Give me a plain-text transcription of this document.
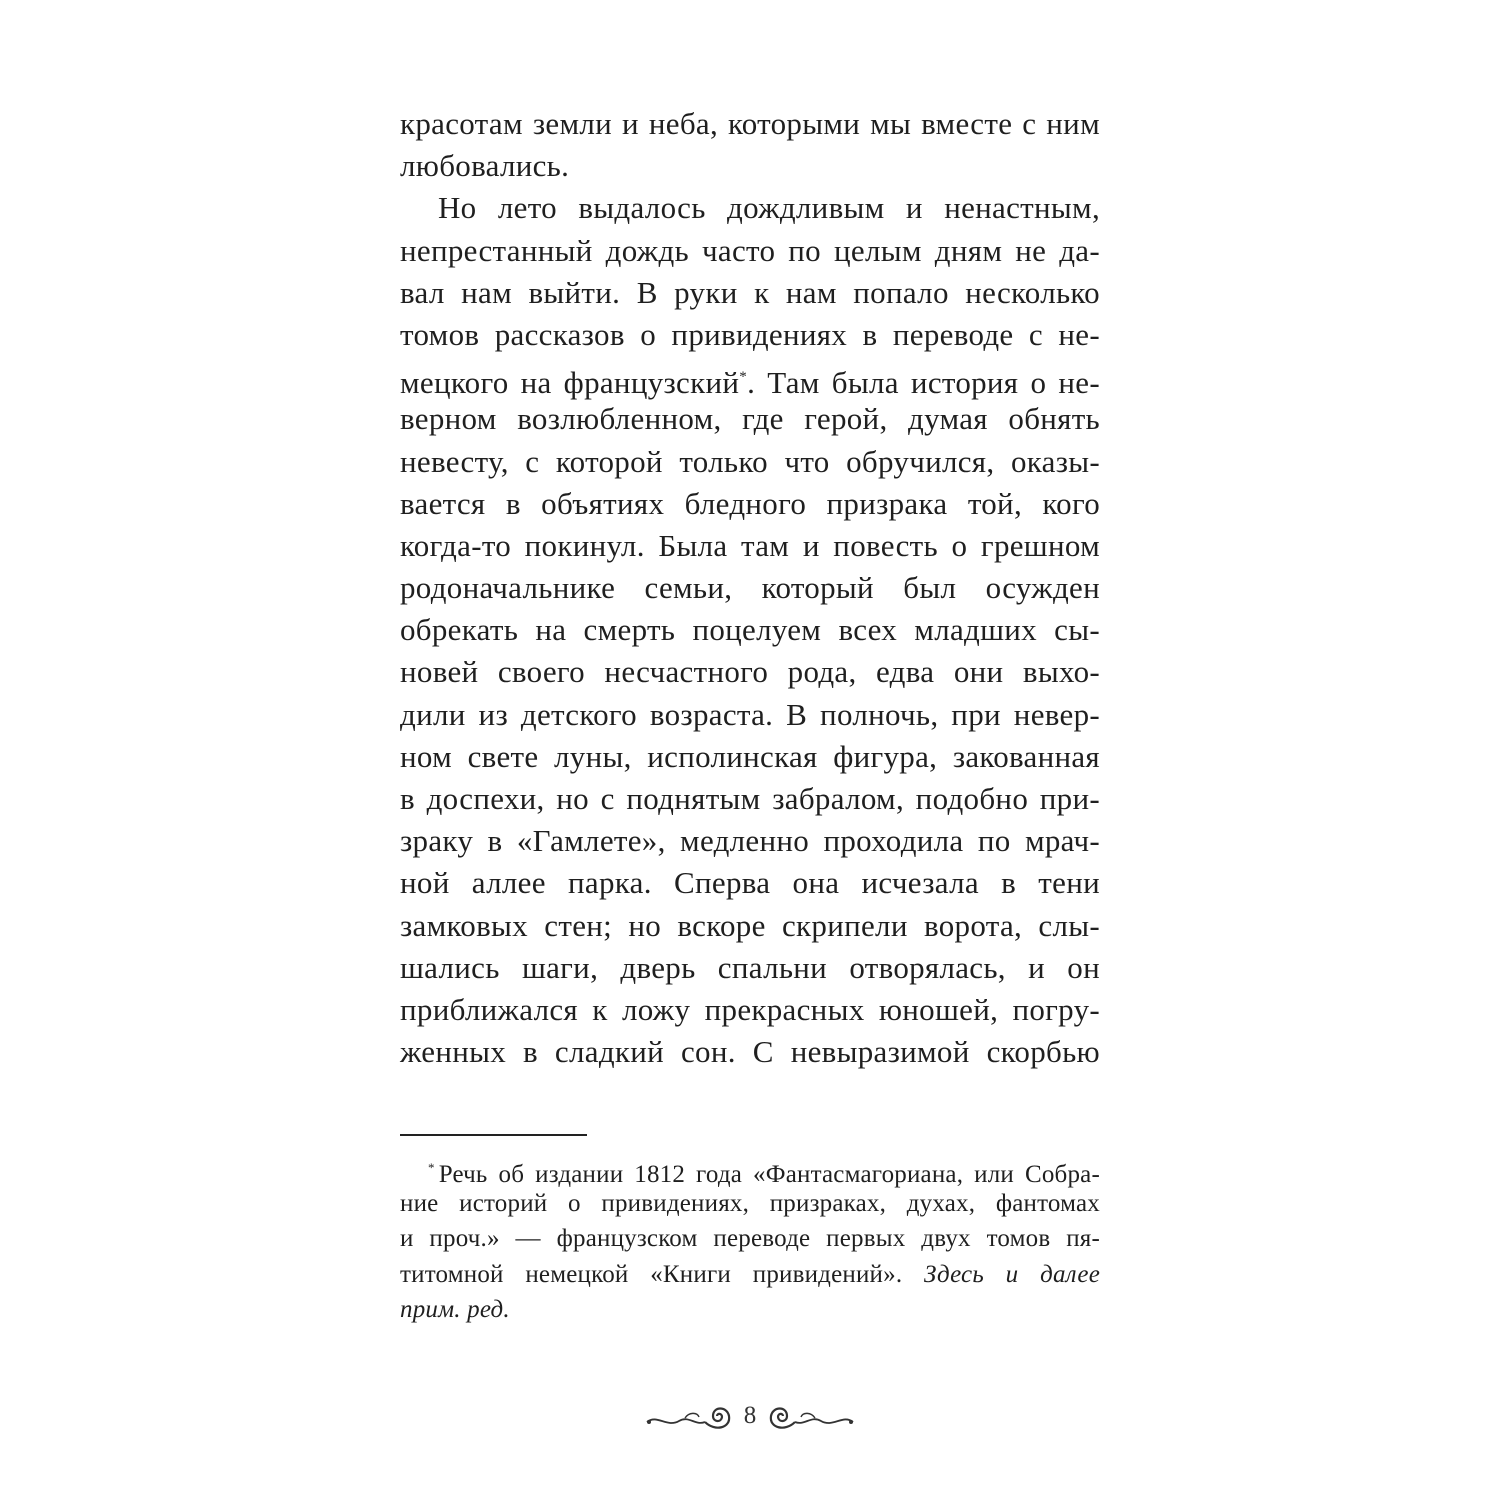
красотам земли и неба, которыми мы вместе с ним
любовались.
Но лето выдалось дождливым и ненастным,
непрестанный дождь часто по целым дням не да-
вал нам выйти. В руки к нам попало несколько
томов рассказов о привидениях в переводе с не-
мецкого на французский*. Там была история о не-
верном возлюбленном, где герой, думая обнять
невесту, с которой только что обручился, оказы-
вается в объятиях бледного призрака той, кого
когда-то покинул. Была там и повесть о грешном
родоначальнике семьи, который был осужден
обрекать на смерть поцелуем всех младших сы-
новей своего несчастного рода, едва они выхо-
дили из детского возраста. В полночь, при невер-
ном свете луны, исполинская фигура, закованная
в доспехи, но с поднятым забралом, подобно при-
зраку в «Гамлете», медленно проходила по мрач-
ной аллее парка. Сперва она исчезала в тени
замковых стен; но вскоре скрипели ворота, слы-
шались шаги, дверь спальни отворялась, и он
приближался к ложу прекрасных юношей, погру-
женных в сладкий сон. С невыразимой скорбью
* Речь об издании 1812 года «Фантасмагориана, или Собра-
ние историй о привидениях, призраках, духах, фантомах
и проч.» — французском переводе первых двух томов пя-
титомной немецкой «Книги привидений». Здесь и далее
прим. ред.
8
